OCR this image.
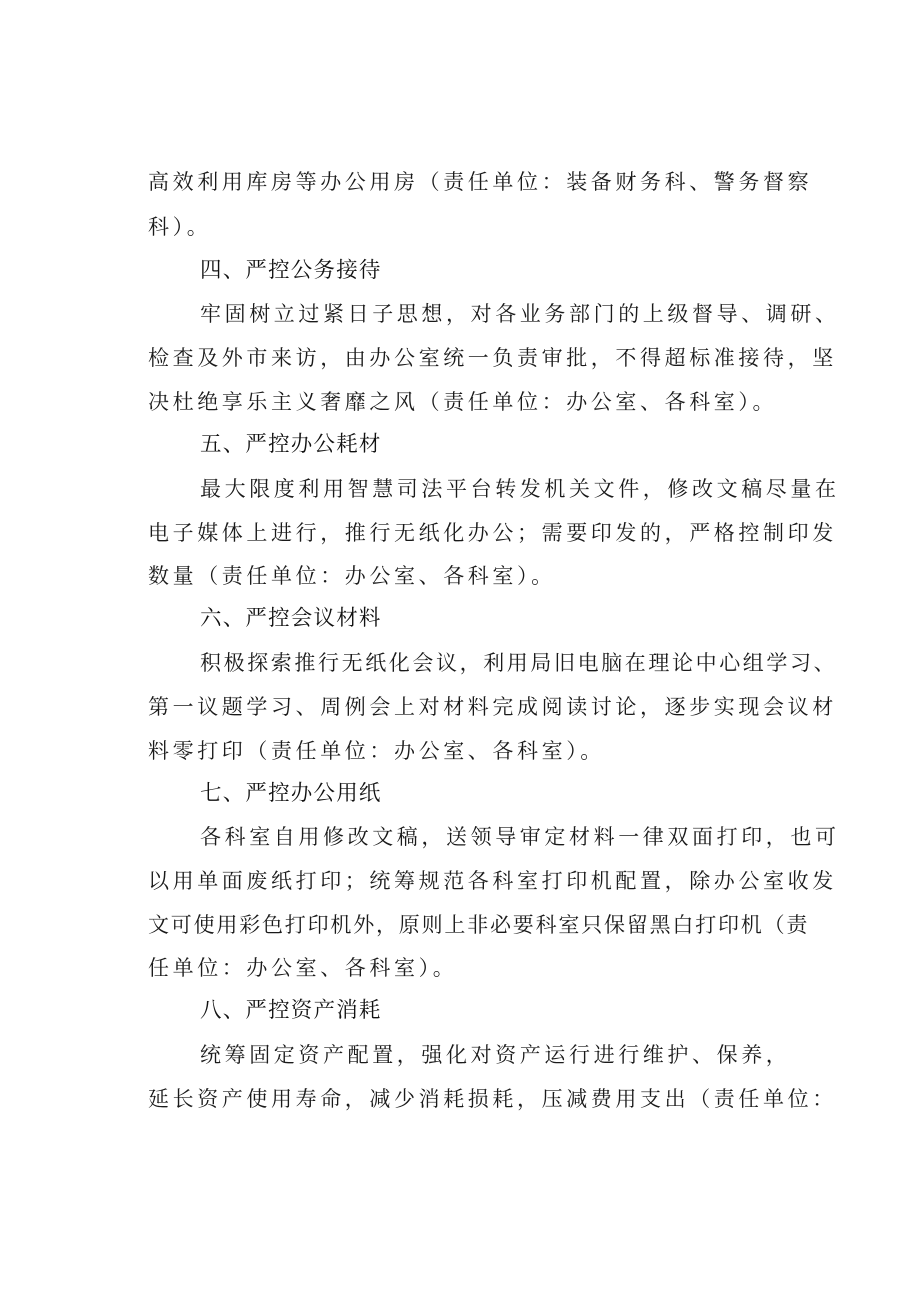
高效利用库房等办公用房（责任单位：装备财务科、警务督察
科）。
四、严控公务接待
牢固树立过紧日子思想，对各业务部门的上级督导、调研、
检查及外市来访，由办公室统一负责审批，不得超标准接待，坚
决杜绝享乐主义奢靡之风（责任单位：办公室、各科室）。
五、严控办公耗材
最大限度利用智慧司法平台转发机关文件，修改文稿尽量在
电子媒体上进行，推行无纸化办公；需要印发的，严格控制印发
数量（责任单位：办公室、各科室）。
六、严控会议材料
积极探索推行无纸化会议，利用局旧电脑在理论中心组学习、
第一议题学习、周例会上对材料完成阅读讨论，逐步实现会议材
料零打印（责任单位：办公室、各科室）。
七、严控办公用纸
各科室自用修改文稿，送领导审定材料一律双面打印，也可
以用单面废纸打印；统筹规范各科室打印机配置，除办公室收发
文可使用彩色打印机外，原则上非必要科室只保留黑白打印机（责
任单位：办公室、各科室）。
八、严控资产消耗
统筹固定资产配置，强化对资产运行进行维护、保养，
延长资产使用寿命，减少消耗损耗，压减费用支出（责任单位：
